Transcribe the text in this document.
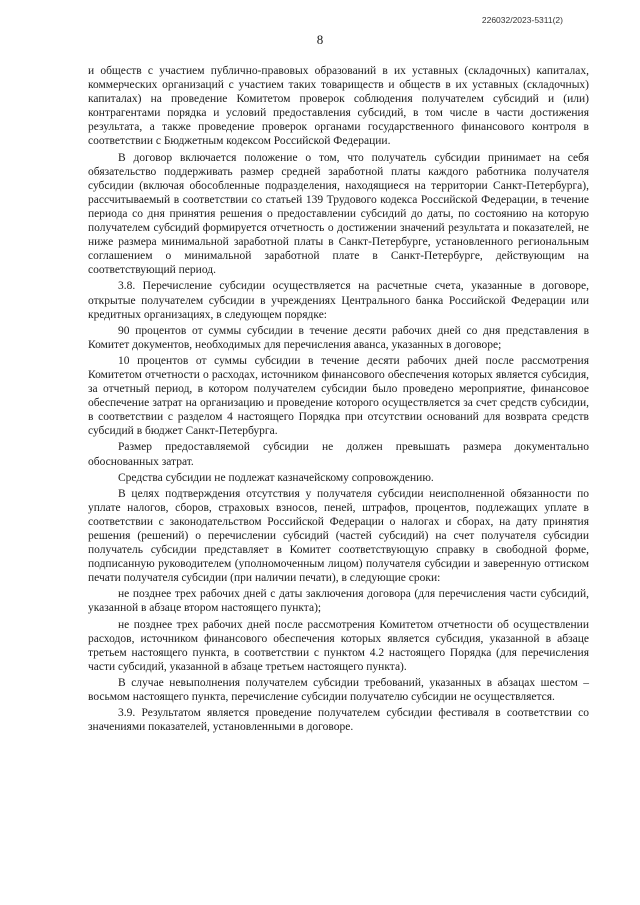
226032/2023-5311(2)
8

и обществ с участием публично-правовых образований в их уставных (складочных) капиталах, коммерческих организаций с участием таких товариществ и обществ в их уставных (складочных) капиталах) на проведение Комитетом проверок соблюдения получателем субсидий и (или) контрагентами порядка и условий предоставления субсидий, в том числе в части достижения результата, а также проведение проверок органами государственного финансового контроля в соответствии с Бюджетным кодексом Российской Федерации.

В договор включается положение о том, что получатель субсидии принимает на себя обязательство поддерживать размер средней заработной платы каждого работника получателя субсидии (включая обособленные подразделения, находящиеся на территории Санкт-Петербурга), рассчитываемый в соответствии со статьей 139 Трудового кодекса Российской Федерации, в течение периода со дня принятия решения о предоставлении субсидий до даты, по состоянию на которую получателем субсидий формируется отчетность о достижении значений результата и показателей, не ниже размера минимальной заработной платы в Санкт-Петербурге, установленного региональным соглашением о минимальной заработной плате в Санкт-Петербурге, действующим на соответствующий период.

3.8. Перечисление субсидии осуществляется на расчетные счета, указанные в договоре, открытые получателем субсидии в учреждениях Центрального банка Российской Федерации или кредитных организациях, в следующем порядке:

90 процентов от суммы субсидии в течение десяти рабочих дней со дня представления в Комитет документов, необходимых для перечисления аванса, указанных в договоре;

10 процентов от суммы субсидии в течение десяти рабочих дней после рассмотрения Комитетом отчетности о расходах, источником финансового обеспечения которых является субсидия, за отчетный период, в котором получателем субсидии было проведено мероприятие, финансовое обеспечение затрат на организацию и проведение которого осуществляется за счет средств субсидии, в соответствии с разделом 4 настоящего Порядка при отсутствии оснований для возврата средств субсидий в бюджет Санкт-Петербурга.

Размер предоставляемой субсидии не должен превышать размера документально обоснованных затрат.

Средства субсидии не подлежат казначейскому сопровождению.

В целях подтверждения отсутствия у получателя субсидии неисполненной обязанности по уплате налогов, сборов, страховых взносов, пеней, штрафов, процентов, подлежащих уплате в соответствии с законодательством Российской Федерации о налогах и сборах, на дату принятия решения (решений) о перечислении субсидий (частей субсидий) на счет получателя субсидии получатель субсидии представляет в Комитет соответствующую справку в свободной форме, подписанную руководителем (уполномоченным лицом) получателя субсидии и заверенную оттиском печати получателя субсидии (при наличии печати), в следующие сроки:

не позднее трех рабочих дней с даты заключения договора (для перечисления части субсидий, указанной в абзаце втором настоящего пункта);

не позднее трех рабочих дней после рассмотрения Комитетом отчетности об осуществлении расходов, источником финансового обеспечения которых является субсидия, указанной в абзаце третьем настоящего пункта, в соответствии с пунктом 4.2 настоящего Порядка (для перечисления части субсидий, указанной в абзаце третьем настоящего пункта).

В случае невыполнения получателем субсидии требований, указанных в абзацах шестом – восьмом настоящего пункта, перечисление субсидии получателю субсидии не осуществляется.

3.9. Результатом является проведение получателем субсидии фестиваля в соответствии со значениями показателей, установленными в договоре.
